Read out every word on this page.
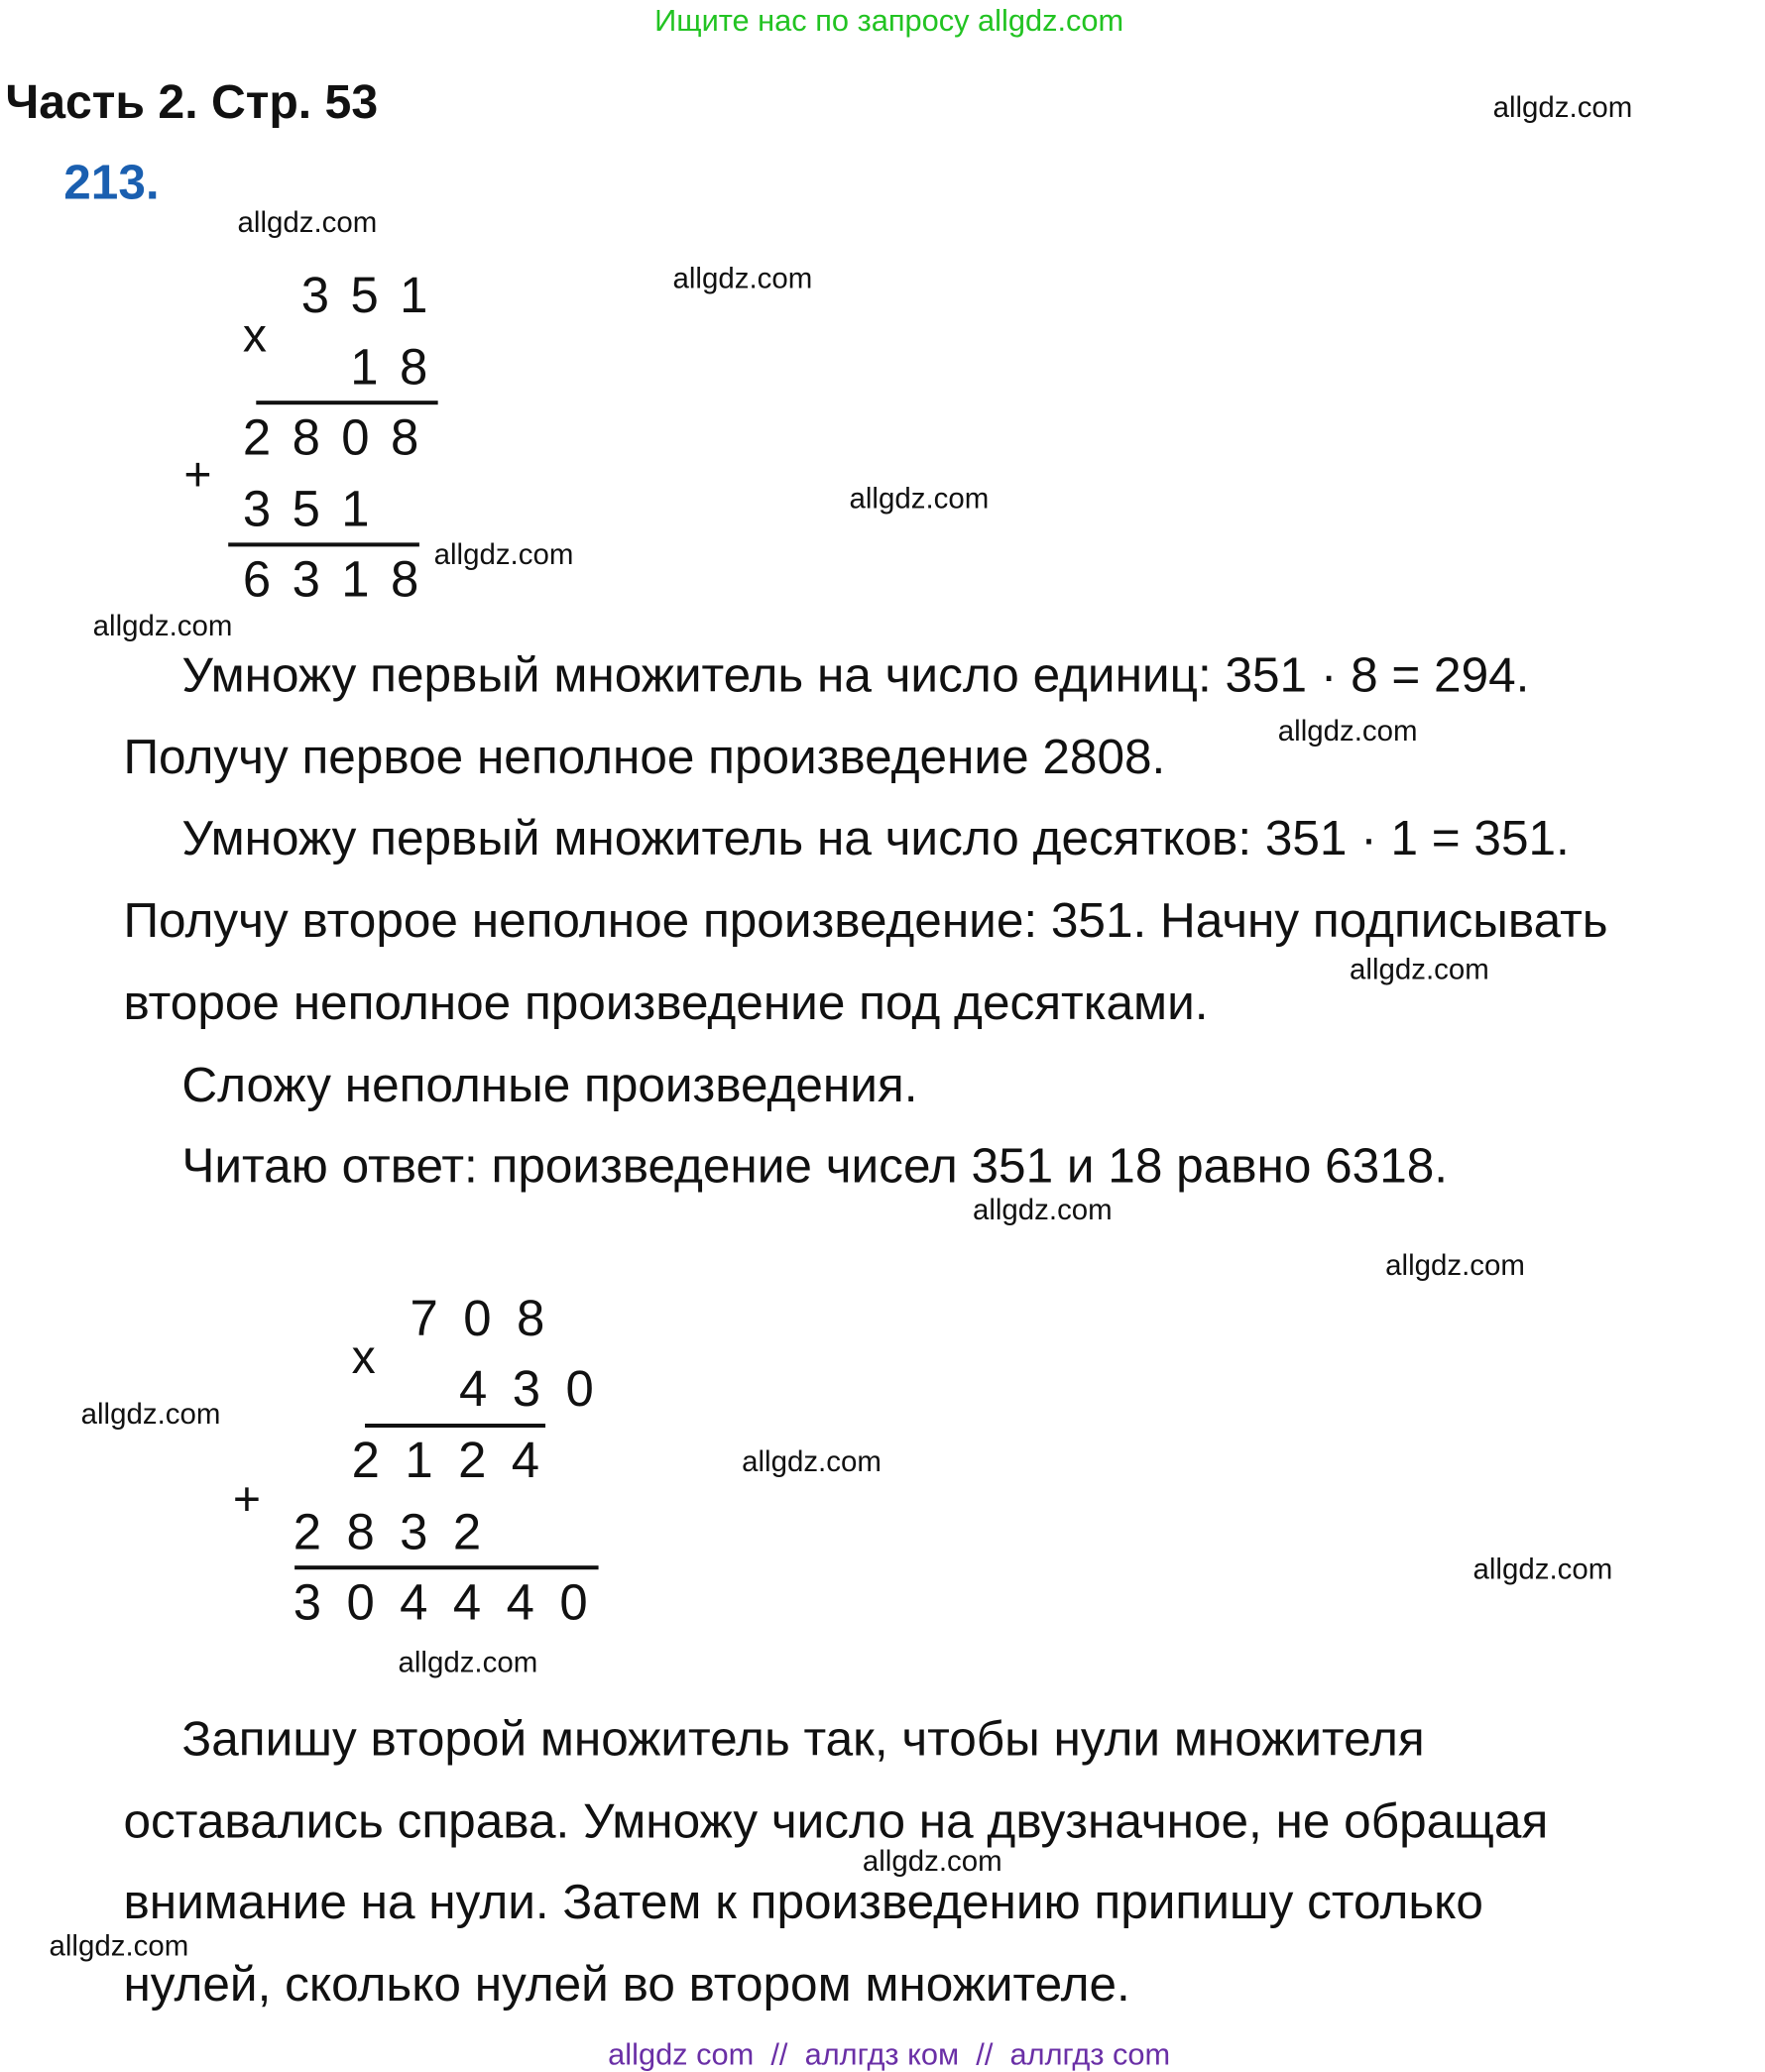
Ищите нас по запросу allgdz.com
Часть 2. Стр. 53
213.
allgdz.com
allgdz.com
allgdz.com
allgdz.com
allgdz.com
allgdz.com
allgdz.com
allgdz.com
allgdz.com
allgdz.com
allgdz.com
allgdz.com
allgdz.com
allgdz.com
allgdz.com
allgdz.com
351
x
18
2808
+
351
6318
Умножу первый множитель на число единиц: 351 · 8 = 294.
Получу первое неполное произведение 2808.
Умножу первый множитель на число десятков: 351 · 1 = 351.
Получу второе неполное произведение: 351. Начну подписывать
второе неполное произведение под десятками.
Сложу неполные произведения.
Читаю ответ: произведение чисел 351 и 18 равно 6318.
708
x
430
2124
+
2832
304440
Запишу второй множитель так, чтобы нули множителя
оставались справа. Умножу число на двузначное, не обращая
внимание на нули. Затем к произведению припишу столько
нулей, сколько нулей во втором множителе.
allgdz com  //  аллгдз ком  //  аллгдз com
